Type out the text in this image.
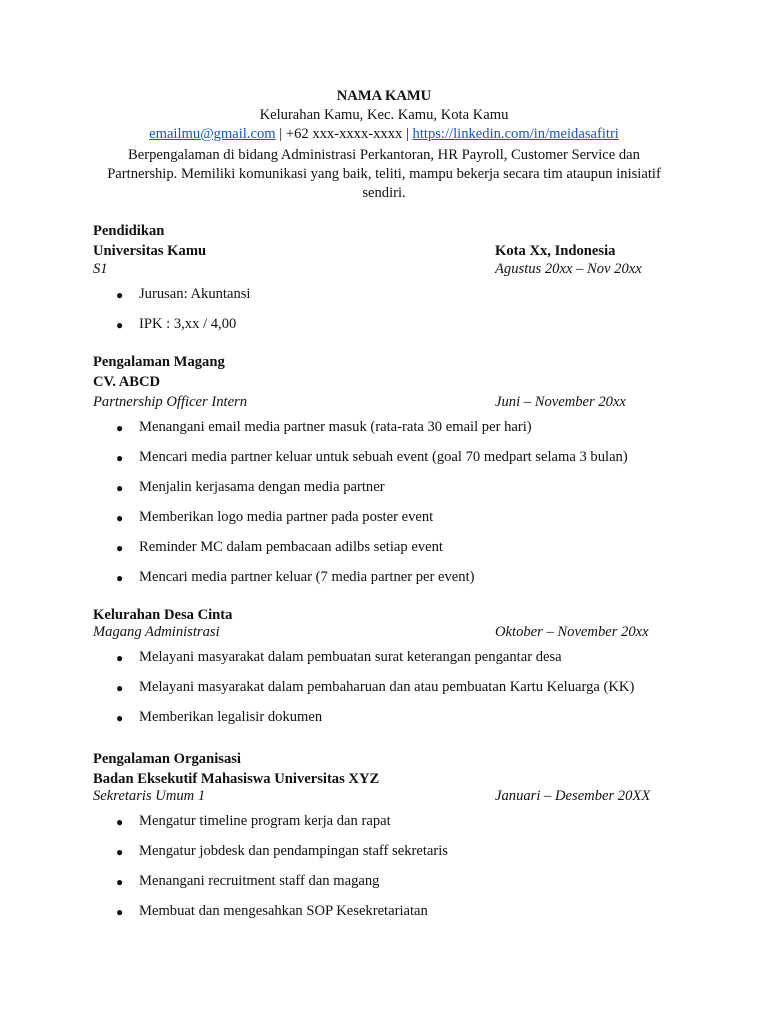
NAMA KAMU
Kelurahan Kamu, Kec. Kamu, Kota Kamu
emailmu@gmail.com | +62 xxx-xxxx-xxxx | https://linkedin.com/in/meidasafitri
Berpengalaman di bidang Administrasi Perkantoran, HR Payroll, Customer Service dan Partnership. Memiliki komunikasi yang baik, teliti, mampu bekerja secara tim ataupun inisiatif sendiri.
Pendidikan
Universitas Kamu	Kota Xx, Indonesia
S1	Agustus 20xx – Nov 20xx
● Jurusan: Akuntansi
● IPK : 3,xx / 4,00
Pengalaman Magang
CV. ABCD
Partnership Officer Intern	Juni – November 20xx
● Menangani email media partner masuk (rata-rata 30 email per hari)
● Mencari media partner keluar untuk sebuah event (goal 70 medpart selama 3 bulan)
● Menjalin kerjasama dengan media partner
● Memberikan logo media partner pada poster event
● Reminder MC dalam pembacaan adilbs setiap event
● Mencari media partner keluar (7 media partner per event)
Kelurahan Desa Cinta
Magang Administrasi	Oktober – November 20xx
● Melayani masyarakat dalam pembuatan surat keterangan pengantar desa
● Melayani masyarakat dalam pembaharuan dan atau pembuatan Kartu Keluarga (KK)
● Memberikan legalisir dokumen
Pengalaman Organisasi
Badan Eksekutif Mahasiswa Universitas XYZ
Sekretaris Umum 1	Januari – Desember 20XX
● Mengatur timeline program kerja dan rapat
● Mengatur jobdesk dan pendampingan staff sekretaris
● Menangani recruitment staff dan magang
● Membuat dan mengesahkan SOP Kesekretariatan
